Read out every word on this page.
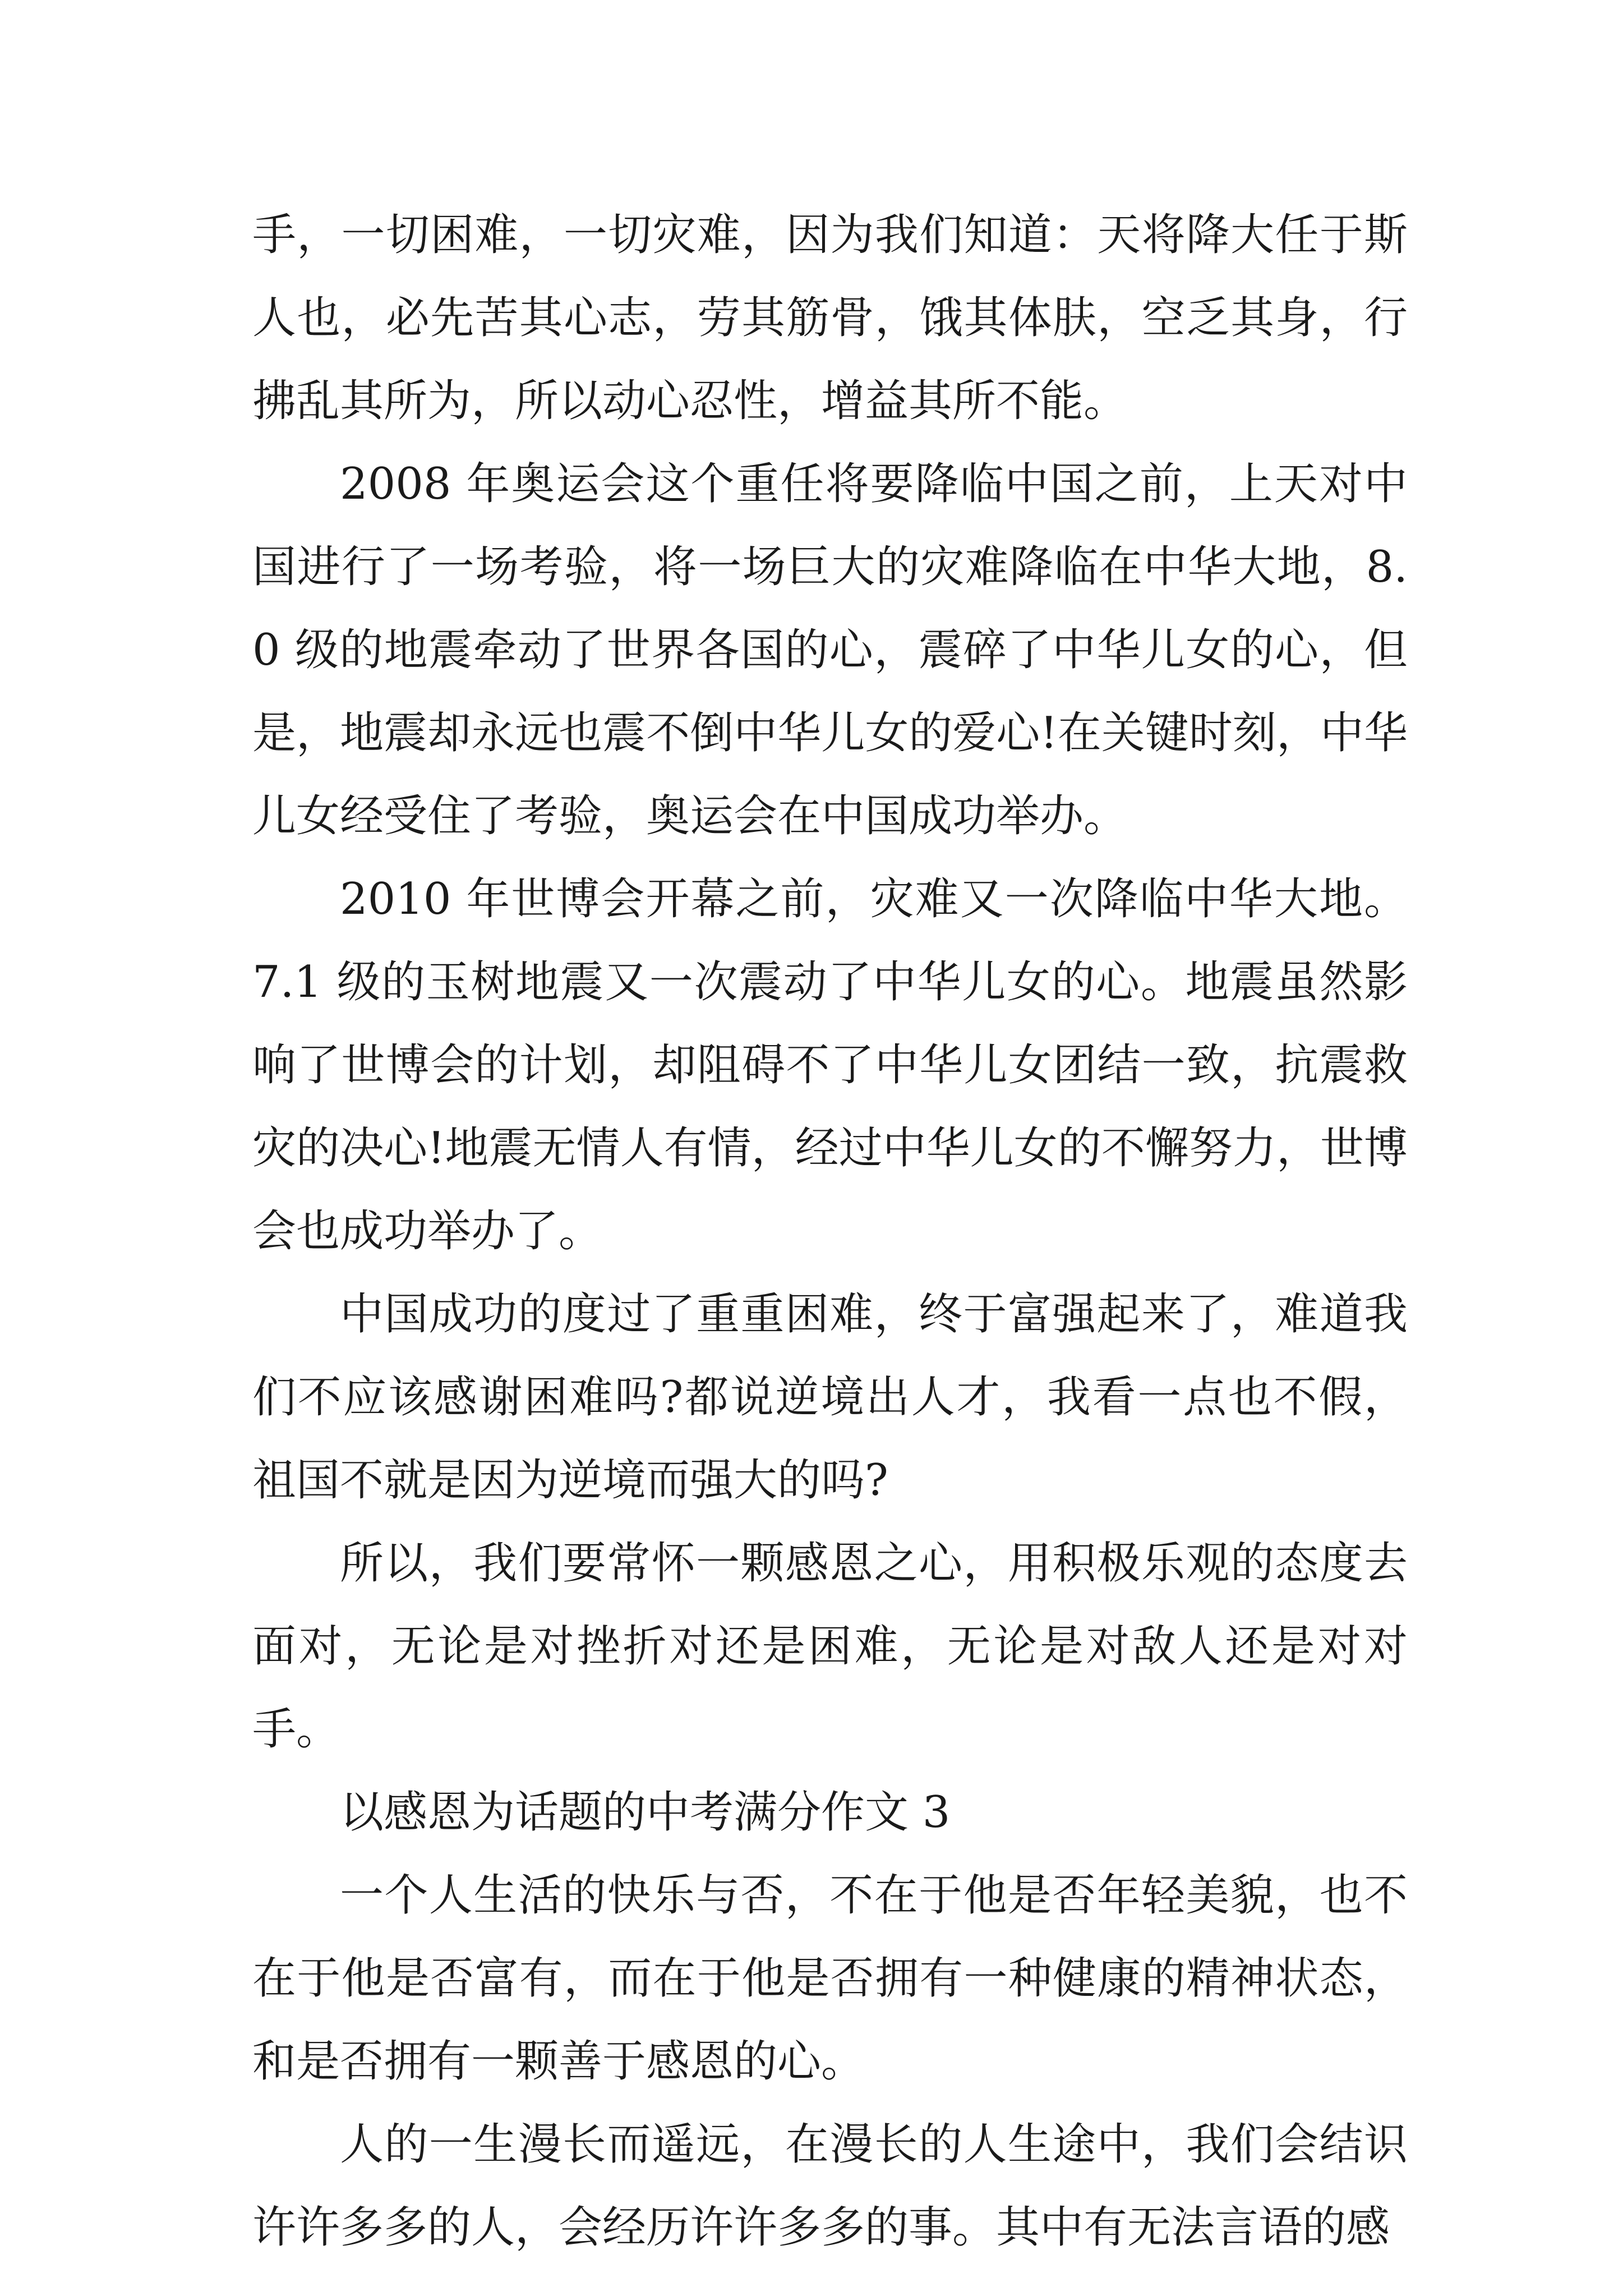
手，一切困难，一切灾难，因为我们知道：天将降大任于斯人也，必先苦其心志，劳其筋骨，饿其体肤，空乏其身，行拂乱其所为，所以动心忍性，增益其所不能。

2008 年奥运会这个重任将要降临中国之前，上天对中国进行了一场考验，将一场巨大的灾难降临在中华大地，8.0 级的地震牵动了世界各国的心，震碎了中华儿女的心，但是，地震却永远也震不倒中华儿女的爱心!在关键时刻，中华儿女经受住了考验，奥运会在中国成功举办。

2010 年世博会开幕之前，灾难又一次降临中华大地。7.1 级的玉树地震又一次震动了中华儿女的心。地震虽然影响了世博会的计划，却阻碍不了中华儿女团结一致，抗震救灾的决心!地震无情人有情，经过中华儿女的不懈努力，世博会也成功举办了。

中国成功的度过了重重困难，终于富强起来了，难道我们不应该感谢困难吗?都说逆境出人才，我看一点也不假，祖国不就是因为逆境而强大的吗?

所以，我们要常怀一颗感恩之心，用积极乐观的态度去面对，无论是对挫折对还是困难，无论是对敌人还是对对手。

以感恩为话题的中考满分作文 3

一个人生活的快乐与否，不在于他是否年轻美貌，也不在于他是否富有，而在于他是否拥有一种健康的精神状态，和是否拥有一颗善于感恩的心。

人的一生漫长而遥远，在漫长的人生途中，我们会结识许许多多的人，会经历许许多多的事。其中有无法言语的感
